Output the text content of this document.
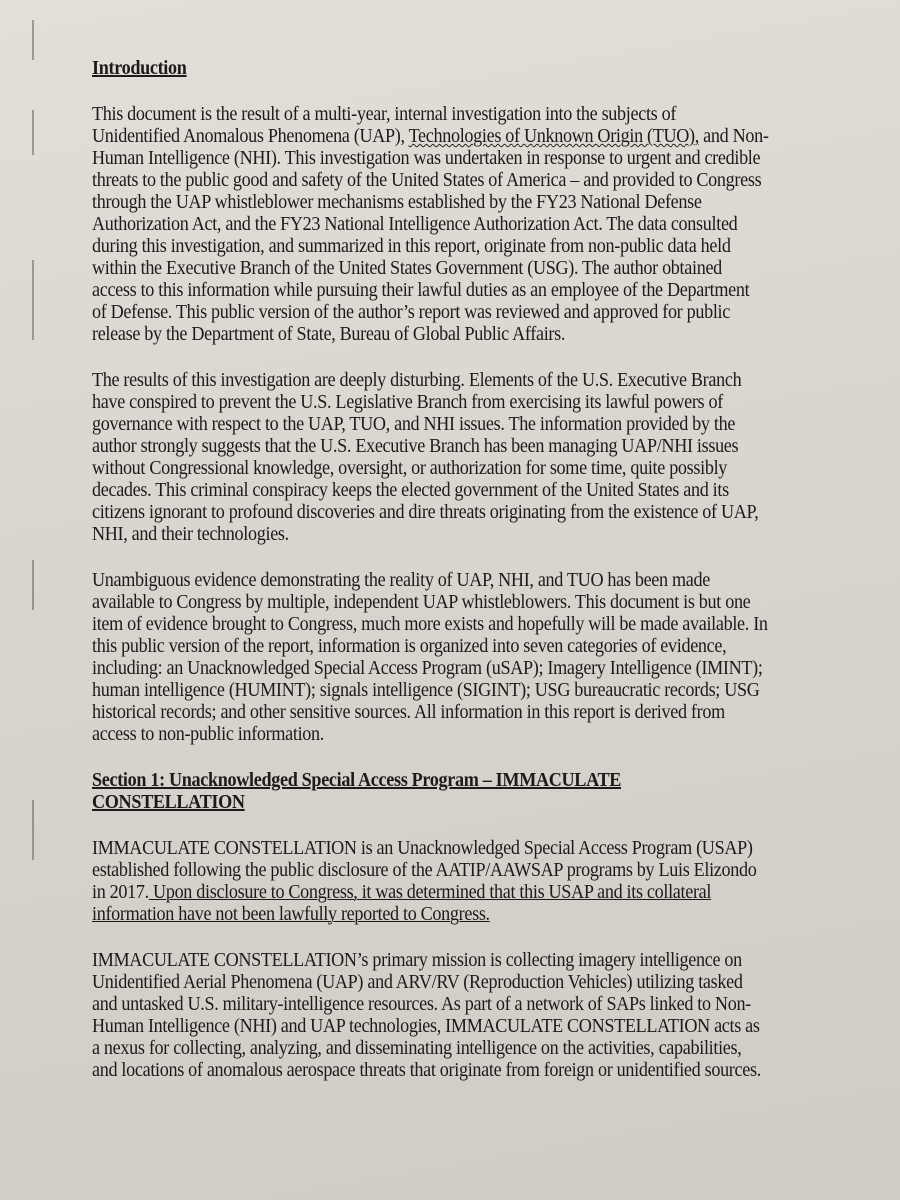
Introduction
This document is the result of a multi-year, internal investigation into the subjects of
Unidentified Anomalous Phenomena (UAP), Technologies of Unknown Origin (TUO), and Non-
Human Intelligence (NHI). This investigation was undertaken in response to urgent and credible
threats to the public good and safety of the United States of America – and provided to Congress
through the UAP whistleblower mechanisms established by the FY23 National Defense
Authorization Act, and the FY23 National Intelligence Authorization Act. The data consulted
during this investigation, and summarized in this report, originate from non-public data held
within the Executive Branch of the United States Government (USG). The author obtained
access to this information while pursuing their lawful duties as an employee of the Department
of Defense. This public version of the author’s report was reviewed and approved for public
release by the Department of State, Bureau of Global Public Affairs.
The results of this investigation are deeply disturbing. Elements of the U.S. Executive Branch
have conspired to prevent the U.S. Legislative Branch from exercising its lawful powers of
governance with respect to the UAP, TUO, and NHI issues. The information provided by the
author strongly suggests that the U.S. Executive Branch has been managing UAP/NHI issues
without Congressional knowledge, oversight, or authorization for some time, quite possibly
decades. This criminal conspiracy keeps the elected government of the United States and its
citizens ignorant to profound discoveries and dire threats originating from the existence of UAP,
NHI, and their technologies.
Unambiguous evidence demonstrating the reality of UAP, NHI, and TUO has been made
available to Congress by multiple, independent UAP whistleblowers. This document is but one
item of evidence brought to Congress, much more exists and hopefully will be made available. In
this public version of the report, information is organized into seven categories of evidence,
including: an Unacknowledged Special Access Program (uSAP); Imagery Intelligence (IMINT);
human intelligence (HUMINT); signals intelligence (SIGINT); USG bureaucratic records; USG
historical records; and other sensitive sources. All information in this report is derived from
access to non-public information.
Section 1: Unacknowledged Special Access Program – IMMACULATE
CONSTELLATION
IMMACULATE CONSTELLATION is an Unacknowledged Special Access Program (USAP)
established following the public disclosure of the AATIP/AAWSAP programs by Luis Elizondo
in 2017. Upon disclosure to Congress, it was determined that this USAP and its collateral
information have not been lawfully reported to Congress.
IMMACULATE CONSTELLATION’s primary mission is collecting imagery intelligence on
Unidentified Aerial Phenomena (UAP) and ARV/RV (Reproduction Vehicles) utilizing tasked
and untasked U.S. military-intelligence resources. As part of a network of SAPs linked to Non-
Human Intelligence (NHI) and UAP technologies, IMMACULATE CONSTELLATION acts as
a nexus for collecting, analyzing, and disseminating intelligence on the activities, capabilities,
and locations of anomalous aerospace threats that originate from foreign or unidentified sources.
